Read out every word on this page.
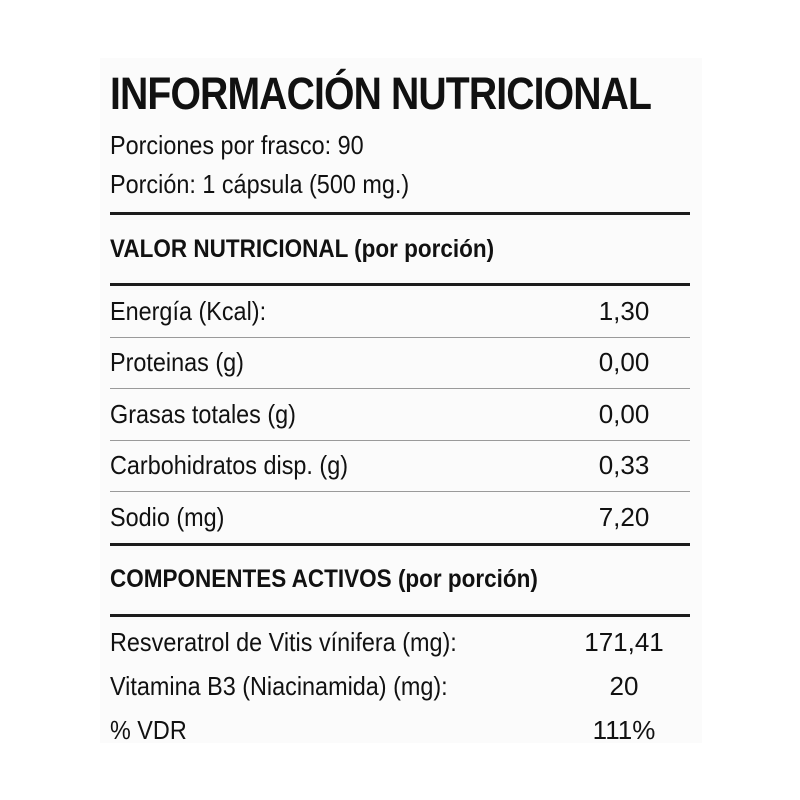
INFORMACIÓN NUTRICIONAL
Porciones por frasco: 90
Porción: 1 cápsula (500 mg.)
VALOR NUTRICIONAL (por porción)
Energía (Kcal):	1,30
Proteinas (g)	0,00
Grasas totales (g)	0,00
Carbohidratos disp. (g)	0,33
Sodio (mg)	7,20
COMPONENTES ACTIVOS (por porción)
Resveratrol de Vitis vínifera (mg):	171,41
Vitamina B3 (Niacinamida) (mg):	20
% VDR	111%
